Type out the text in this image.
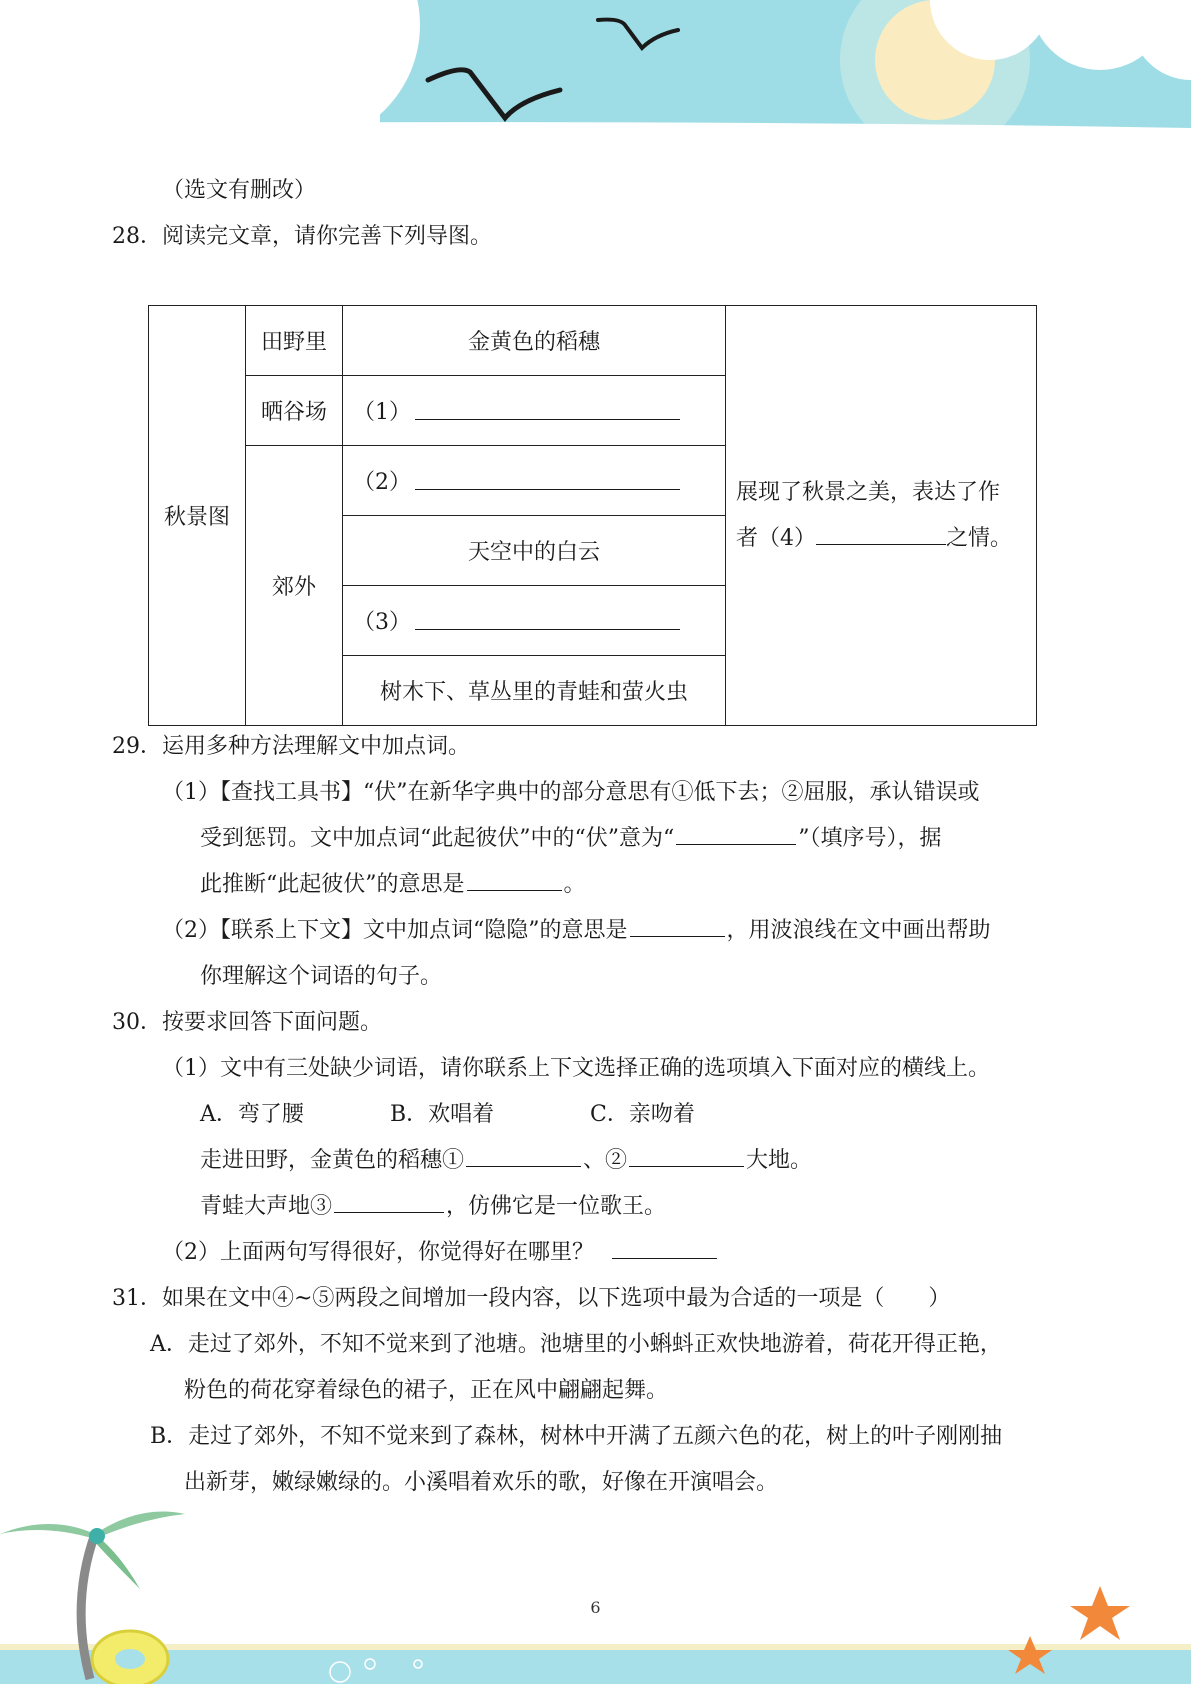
6
（选文有删改）
28．阅读完文章，请你完善下列导图。
秋景图	田野里	金黄色的稻穗	展现了秋景之美，表达了作
者（4） 之情。

	晒谷场	（1）	
	郊外	（2）	
		天空中的白云	
		（3）	
		树木下、草丛里的青蛙和萤火虫	
29．运用多种方法理解文中加点词。
（1）【查找工具书】“伏”在新华字典中的部分意思有①低下去；②屈服，承认错误或
受到惩罚。文中加点词“此起彼伏”中的“伏”意为“	”（填序号），据
此推断“此起彼伏”的意思是	。
（2）【联系上下文】文中加点词“隐隐”的意思是	，用波浪线在文中画出帮助
你理解这个词语的句子。
30．按要求回答下面问题。
（1）文中有三处缺少词语，请你联系上下文选择正确的选项填入下面对应的横线上。
A．弯了腰	B．欢唱着	C．亲吻着
走进田野，金黄色的稻穗①	、②	大地。
青蛙大声地③	，仿佛它是一位歌王。
（2）上面两句写得很好，你觉得好在哪里？
31．如果在文中④~⑤两段之间增加一段内容，以下选项中最为合适的一项是（　　）
A．走过了郊外，不知不觉来到了池塘。池塘里的小蝌蚪正欢快地游着，荷花开得正艳，
粉色的荷花穿着绿色的裙子，正在风中翩翩起舞。
B．走过了郊外，不知不觉来到了森林，树林中开满了五颜六色的花，树上的叶子刚刚抽
出新芽，嫩绿嫩绿的。小溪唱着欢乐的歌，好像在开演唱会。
